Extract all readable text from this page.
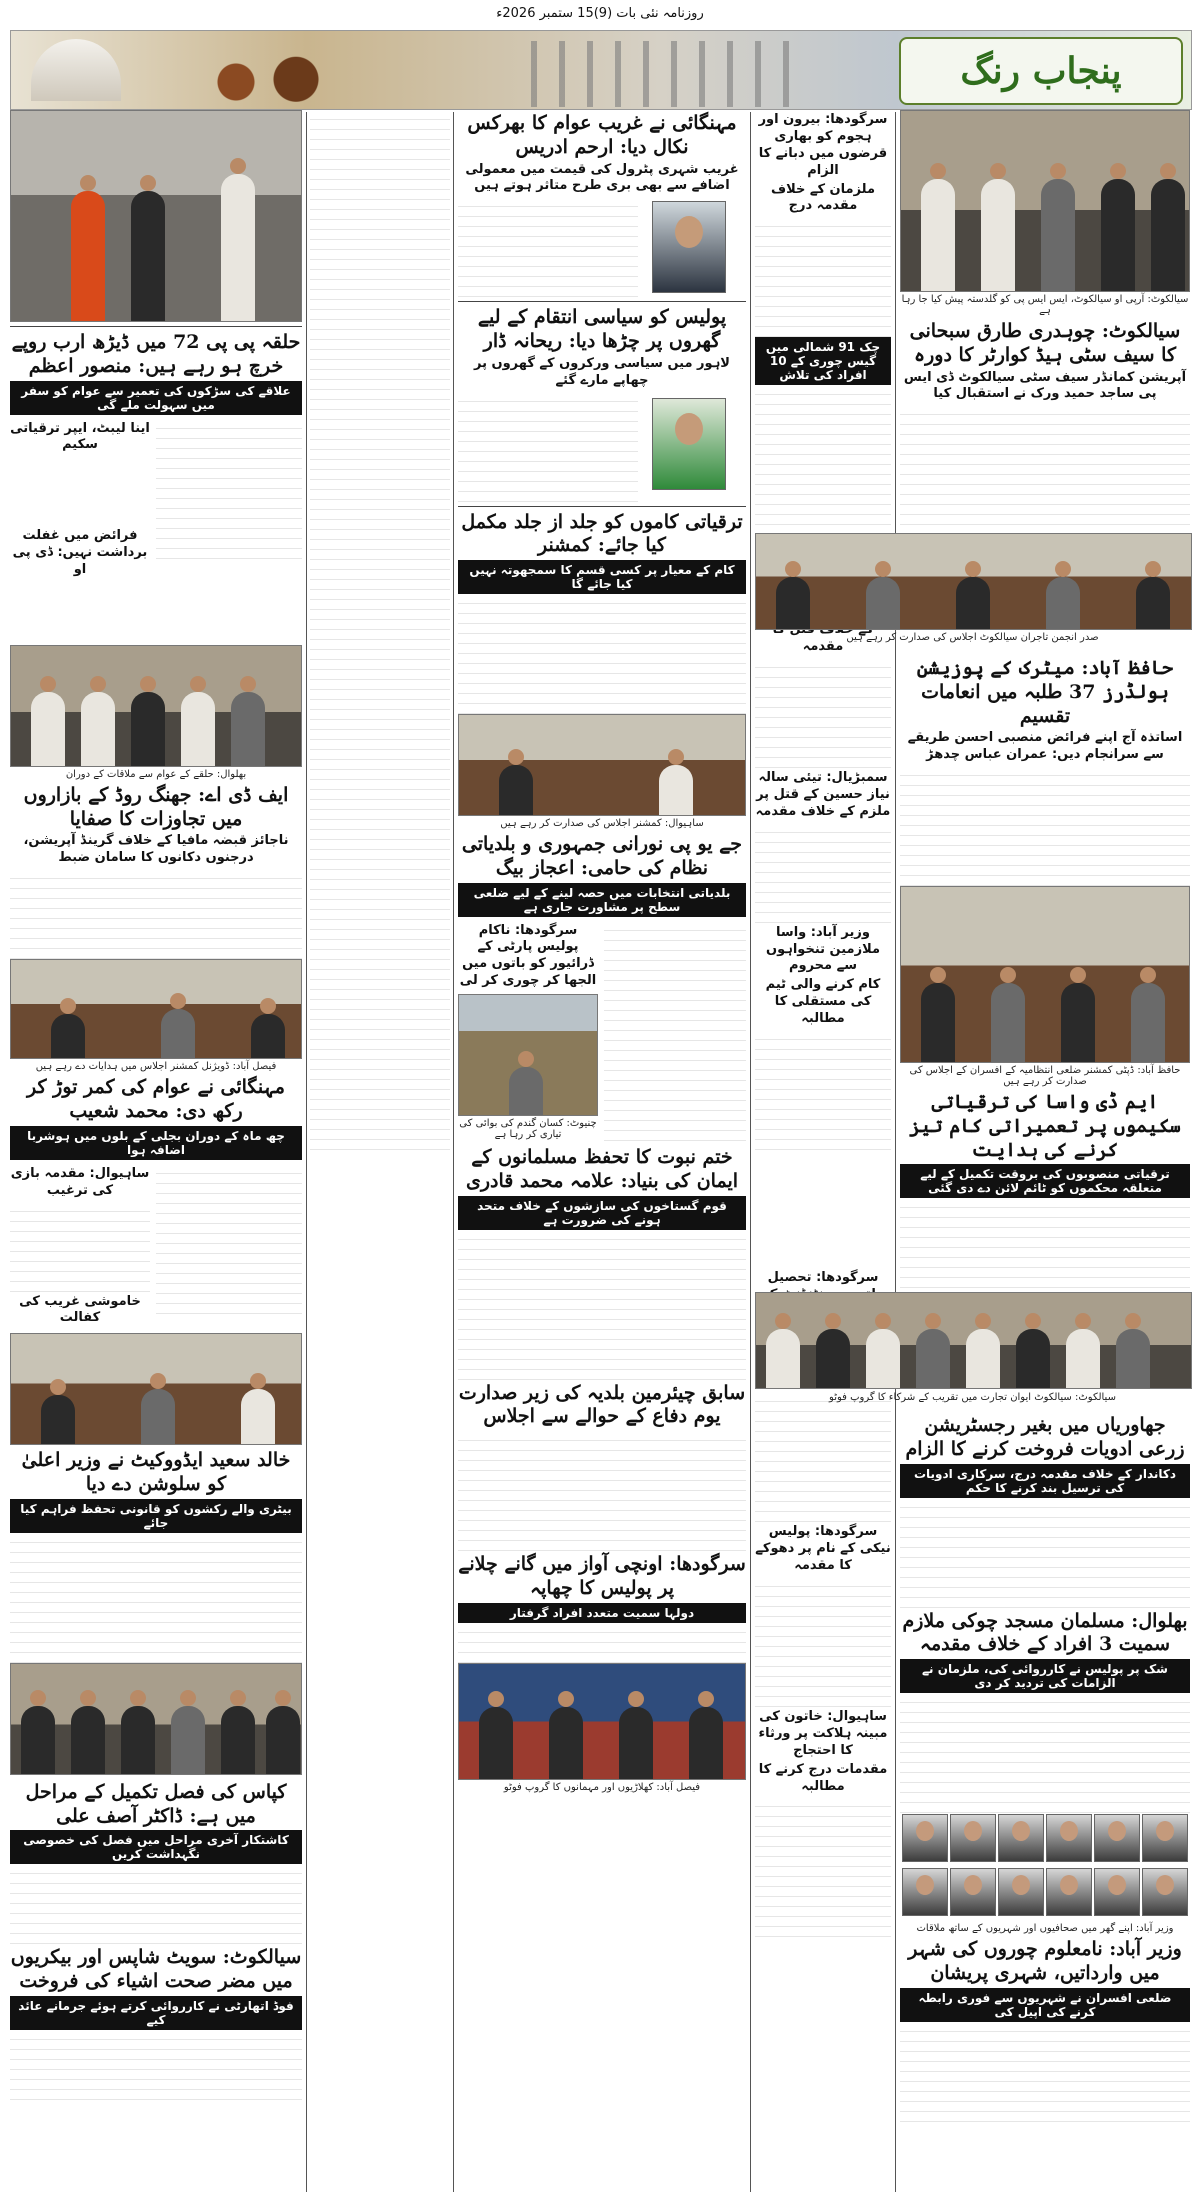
روزنامہ نئی بات (9)15 ستمبر 2026ء
پنجاب رنگ
حلقہ پی پی 72 میں ڈیڑھ ارب روپے خرچ ہو رہے ہیں: منصور اعظم
علاقے کی سڑکوں کی تعمیر سے عوام کو سفر میں سہولت ملے گی
اینا لیبٹ، ایپر ترقیاتی سکیم
فرائض میں غفلت برداشت نہیں: ڈی پی او
بھلوال: حلقے کے عوام سے ملاقات کے دوران
ایف ڈی اے: جھنگ روڈ کے بازاروں میں تجاوزات کا صفایا
ناجائز قبضہ مافیا کے خلاف گرینڈ آپریشن، درجنوں دکانوں کا سامان ضبط
فیصل آباد: ڈویژنل کمشنر اجلاس میں ہدایات دے رہے ہیں
مہنگائی نے عوام کی کمر توڑ کر رکھ دی: محمد شعیب
چھ ماہ کے دوران بجلی کے بلوں میں ہوشربا اضافہ ہوا
ساہیوال: مقدمہ بازی کی ترغیب
خاموشی غریب کی کفالت
خالد سعید ایڈووکیٹ نے وزیر اعلیٰ کو سلوشن دے دیا
بیٹری والے رکشوں کو قانونی تحفظ فراہم کیا جائے
کپاس کی فصل تکمیل کے مراحل میں ہے: ڈاکٹر آصف علی
کاشتکار آخری مراحل میں فصل کی خصوصی نگہداشت کریں
سیالکوٹ: سویٹ شاپس اور بیکریوں میں مضر صحت اشیاء کی فروخت
فوڈ اتھارٹی نے کارروائی کرتے ہوئے جرمانے عائد کیے
مہنگائی نے غریب عوام کا بھرکس نکال دیا: ارحم ادریس
غریب شہری پٹرول کی قیمت میں معمولی اضافے سے بھی بری طرح متاثر ہوتے ہیں
پولیس کو سیاسی انتقام کے لیے گھروں پر چڑھا دیا: ریحانہ ڈار
لاہور میں سیاسی ورکروں کے گھروں پر چھاپے مارے گئے
ترقیاتی کاموں کو جلد از جلد مکمل کیا جائے: کمشنر
کام کے معیار پر کسی قسم کا سمجھوتہ نہیں کیا جائے گا
ساہیوال: کمشنر اجلاس کی صدارت کر رہے ہیں
جے یو پی نورانی جمہوری و بلدیاتی نظام کی حامی: اعجاز بیگ
بلدیاتی انتخابات میں حصہ لینے کے لیے ضلعی سطح پر مشاورت جاری ہے
سرگودھا: ناکام پولیس پارٹی کے ڈرائیور کو باتوں میں الجھا کر چوری کر لی
چنیوٹ: کسان گندم کی بوائی کی تیاری کر رہا ہے
ختم نبوت کا تحفظ مسلمانوں کے ایمان کی بنیاد: علامہ محمد قادری
قوم گستاخوں کی سازشوں کے خلاف متحد ہونے کی ضرورت ہے
سابق چیئرمین بلدیہ کی زیر صدارت یوم دفاع کے حوالے سے اجلاس
سرگودھا: اونچی آواز میں گانے چلانے پر پولیس کا چھاپہ
دولہا سمیت متعدد افراد گرفتار
فیصل آباد: کھلاڑیوں اور مہمانوں کا گروپ فوٹو
سرگودھا: بیرون اور ہجوم کو بھاری قرضوں میں دبانے کا الزام
ملزمان کے خلاف مقدمہ درج
چک 91 شمالی میں گیس چوری کے 10 افراد کی تلاش
مقدمہ
سمبڑیال: تیئی سالہ نیاز حسین کے قتل پر ملزم کے خلاف مقدمہ
وزیر آباد: واسا ملازمین تنخواہوں سے محروم
کام کرنے والی ٹیم کی مستقلی کا مطالبہ
سرگودھا: تحصیل
سرگودھا: پولیس نیکی کے نام پر دھوکے کا مقدمہ
ساہیوال: خاتون کی مبینہ ہلاکت پر ورثاء کا احتجاج
مقدمات درج کرنے کا مطالبہ
سیالکوٹ: آرپی او سیالکوٹ، ایس ایس پی کو گلدستہ پیش کیا جا رہا ہے
سیالکوٹ: چوہدری طارق سبحانی کا سیف سٹی ہیڈ کوارٹر کا دورہ
آپریشن کمانڈر سیف سٹی سیالکوٹ ڈی ایس پی ساجد حمید ورک نے استقبال کیا
صدر انجمن تاجران سیالکوٹ اجلاس کی صدارت کر رہے ہیں
حافظ آباد: میٹرک کے پوزیشن ہولڈرز 37 طلبہ میں انعامات تقسیم
اساتذہ آج اپنے فرائض منصبی احسن طریقے سے سرانجام دیں: عمران عباس چدھڑ
حافظ آباد: ڈپٹی کمشنر ضلعی انتظامیہ کے افسران کے اجلاس کی صدارت کر رہے ہیں
ایم ڈی واسا کی ترقیاتی سکیموں پر تعمیراتی کام تیز کرنے کی ہدایت
ترقیاتی منصوبوں کی بروقت تکمیل کے لیے متعلقہ محکموں کو ٹائم لائن دے دی گئی
سیالکوٹ: سیالکوٹ ایوان تجارت میں تقریب کے شرکاء کا گروپ فوٹو
جھاوریاں میں بغیر رجسٹریشن زرعی ادویات فروخت کرنے کا الزام
دکاندار کے خلاف مقدمہ درج، سرکاری ادویات کی ترسیل بند کرنے کا حکم
بھلوال: مسلمان مسجد چوکی ملازم سمیت 3 افراد کے خلاف مقدمہ
شک پر پولیس نے کارروائی کی، ملزمان نے الزامات کی تردید کر دی

وزیر آباد: اپنے گھر میں صحافیوں اور شہریوں کے ساتھ ملاقات
وزیر آباد: نامعلوم چوروں کی شہر میں وارداتیں، شہری پریشان
ضلعی افسران نے شہریوں سے فوری رابطہ کرنے کی اپیل کی
